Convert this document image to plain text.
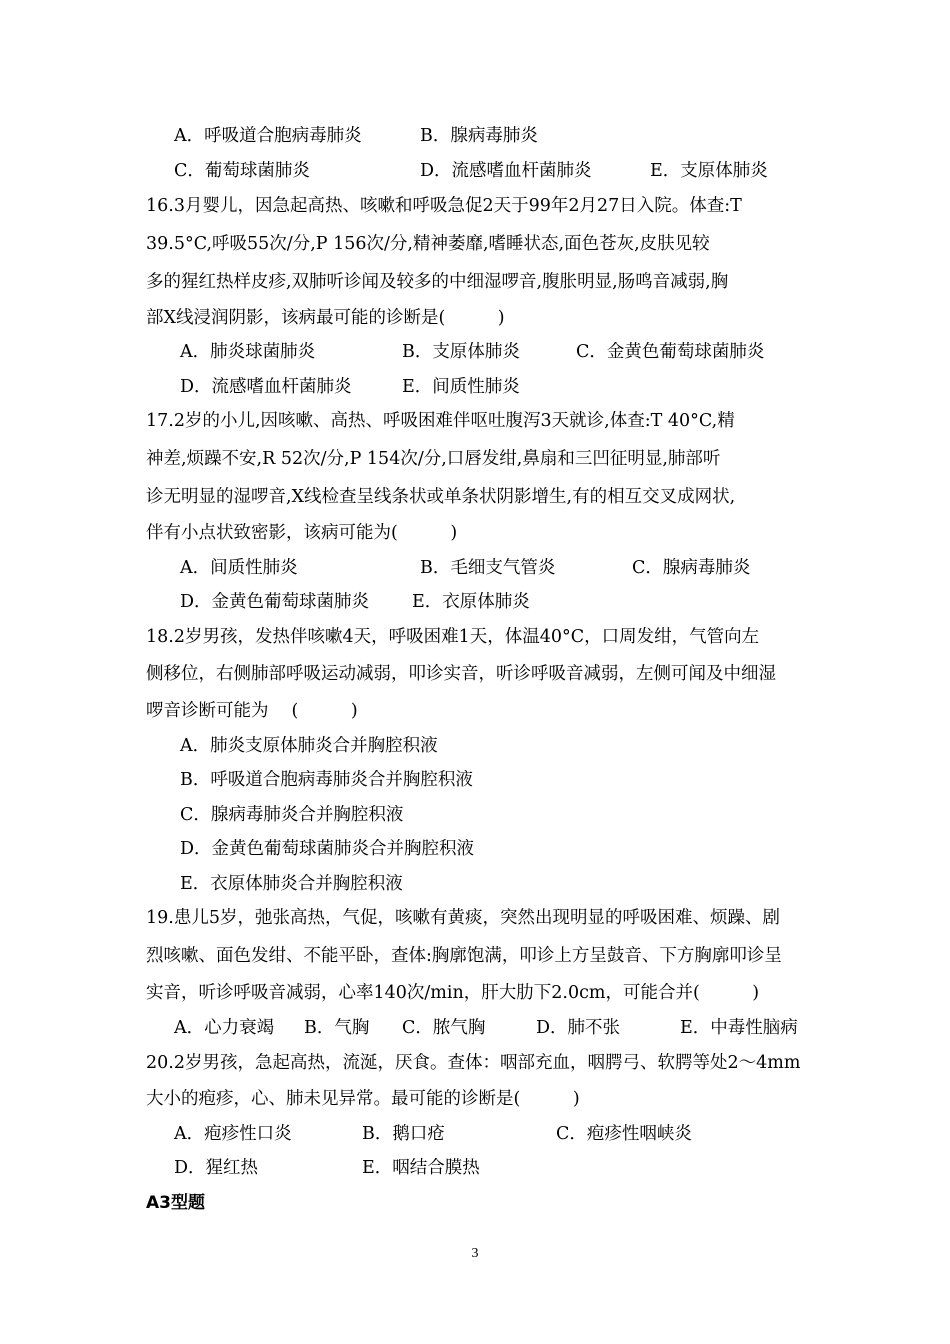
A．呼吸道合胞病毒肺炎	B．腺病毒肺炎
C．葡萄球菌肺炎	D．流感嗜血杆菌肺炎	E．支原体肺炎
16.3月婴儿，因急起高热、咳嗽和呼吸急促2天于99年2月27日入院。体查:T
39.5°C,呼吸55次/分,P 156次/分,精神萎靡,嗜睡状态,面色苍灰,皮肤见较
多的猩红热样皮疹,双肺听诊闻及较多的中细湿啰音,腹胀明显,肠鸣音减弱,胸
部X线浸润阴影，该病最可能的诊断是(　　　)
A．肺炎球菌肺炎	B．支原体肺炎	C．金黄色葡萄球菌肺炎
D．流感嗜血杆菌肺炎	E．间质性肺炎
17.2岁的小儿,因咳嗽、高热、呼吸困难伴呕吐腹泻3天就诊,体查:T 40°C,精
神差,烦躁不安,R 52次/分,P 154次/分,口唇发绀,鼻扇和三凹征明显,肺部听
诊无明显的湿啰音,X线检查呈线条状或单条状阴影增生,有的相互交叉成网状,
伴有小点状致密影，该病可能为(　　　)
A．间质性肺炎	B．毛细支气管炎	C．腺病毒肺炎
D．金黄色葡萄球菌肺炎 E．衣原体肺炎
18.2岁男孩，发热伴咳嗽4天，呼吸困难1天，体温40°C，口周发绀，气管向左
侧移位，右侧肺部呼吸运动减弱，叩诊实音，听诊呼吸音减弱，左侧可闻及中细湿
啰音诊断可能为　 (　　　)
A．肺炎支原体肺炎合并胸腔积液
B．呼吸道合胞病毒肺炎合并胸腔积液
C．腺病毒肺炎合并胸腔积液
D．金黄色葡萄球菌肺炎合并胸腔积液
E．衣原体肺炎合并胸腔积液
19.患儿5岁，弛张高热，气促，咳嗽有黄痰，突然出现明显的呼吸困难、烦躁、剧
烈咳嗽、面色发绀、不能平卧，查体:胸廓饱满，叩诊上方呈鼓音、下方胸廓叩诊呈
实音，听诊呼吸音减弱，心率140次/min，肝大肋下2.0cm，可能合并(　　　)
A．心力衰竭 B．气胸 C．脓气胸	D．肺不张	E．中毒性脑病
20.2岁男孩，急起高热，流涎，厌食。查体：咽部充血，咽腭弓、软腭等处2～4mm
大小的疱疹，心、肺未见异常。最可能的诊断是(　　　)
A．疱疹性口炎	B．鹅口疮	C．疱疹性咽峡炎
D．猩红热	E．咽结合膜热
A3型题
3
